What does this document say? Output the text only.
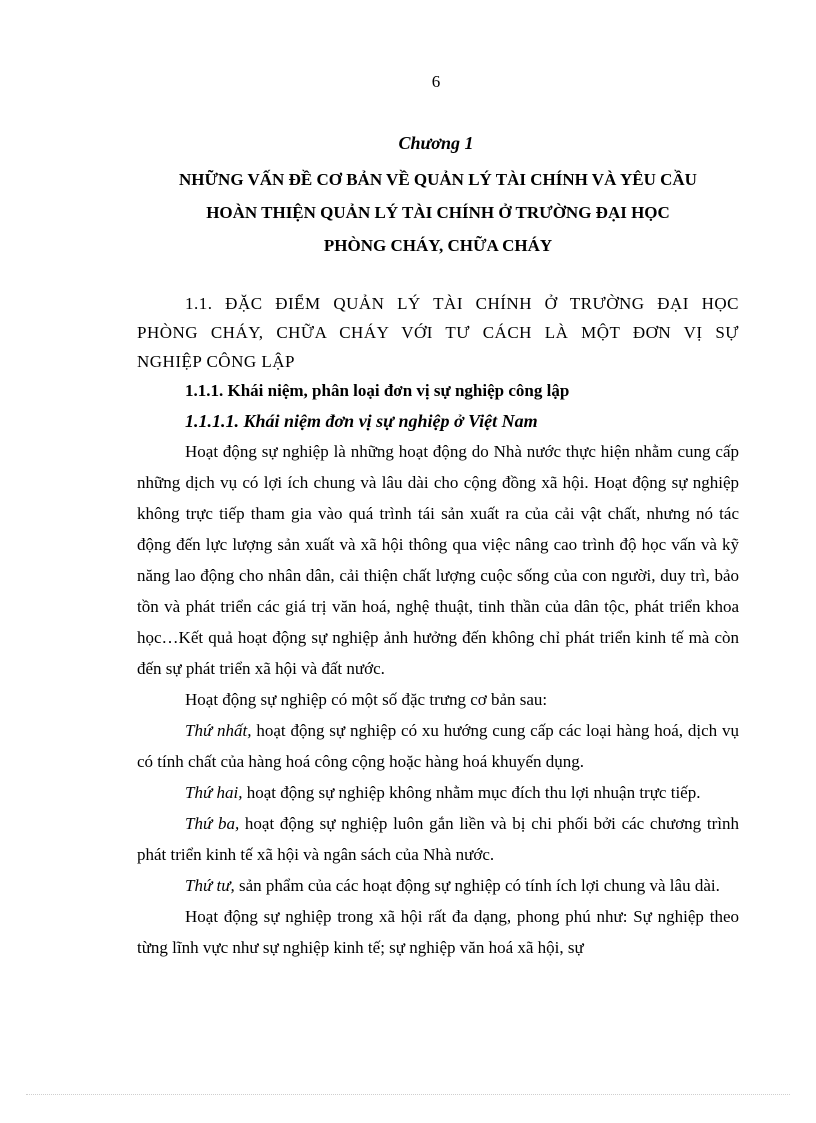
6
Chương 1
NHỮNG VẤN ĐỀ CƠ BẢN VỀ QUẢN LÝ TÀI CHÍNH VÀ YÊU CẦU
HOÀN THIỆN QUẢN LÝ TÀI CHÍNH Ở TRƯỜNG ĐẠI HỌC
PHÒNG CHÁY, CHỮA CHÁY
1.1. ĐẶC ĐIỂM QUẢN LÝ TÀI CHÍNH Ở TRƯỜNG ĐẠI HỌC
PHÒNG CHÁY, CHỮA CHÁY VỚI TƯ CÁCH LÀ MỘT ĐƠN VỊ SỰ
NGHIỆP CÔNG LẬP
1.1.1. Khái niệm, phân loại đơn vị sự nghiệp công lập
1.1.1.1. Khái niệm đơn vị sự nghiệp ở Việt Nam

Hoạt động sự nghiệp là những hoạt động do Nhà nước thực hiện nhằm cung cấp những dịch vụ có lợi ích chung và lâu dài cho cộng đồng xã hội. Hoạt động sự nghiệp không trực tiếp tham gia vào quá trình tái sản xuất ra của cải vật chất, nhưng nó tác động đến lực lượng sản xuất và xã hội thông qua việc nâng cao trình độ học vấn và kỹ năng lao động cho nhân dân, cải thiện chất lượng cuộc sống của con người, duy trì, bảo tồn và phát triển các giá trị văn hoá, nghệ thuật, tinh thần của dân tộc, phát triển khoa học…Kết quả hoạt động sự nghiệp ảnh hưởng đến không chỉ phát triển kinh tế mà còn đến sự phát triển xã hội và đất nước.

Hoạt động sự nghiệp có một số đặc trưng cơ bản sau:

Thứ nhất, hoạt động sự nghiệp có xu hướng cung cấp các loại hàng hoá, dịch vụ có tính chất của hàng hoá công cộng hoặc hàng hoá khuyến dụng.

Thứ hai, hoạt động sự nghiệp không nhằm mục đích thu lợi nhuận trực tiếp.

Thứ ba, hoạt động sự nghiệp luôn gắn liền và bị chi phối bởi các chương trình phát triển kinh tế xã hội và ngân sách của Nhà nước.

Thứ tư, sản phẩm của các hoạt động sự nghiệp có tính ích lợi chung và lâu dài.

Hoạt động sự nghiệp trong xã hội rất đa dạng, phong phú như: Sự nghiệp theo từng lĩnh vực như sự nghiệp kinh tế; sự nghiệp văn hoá xã hội, sự
